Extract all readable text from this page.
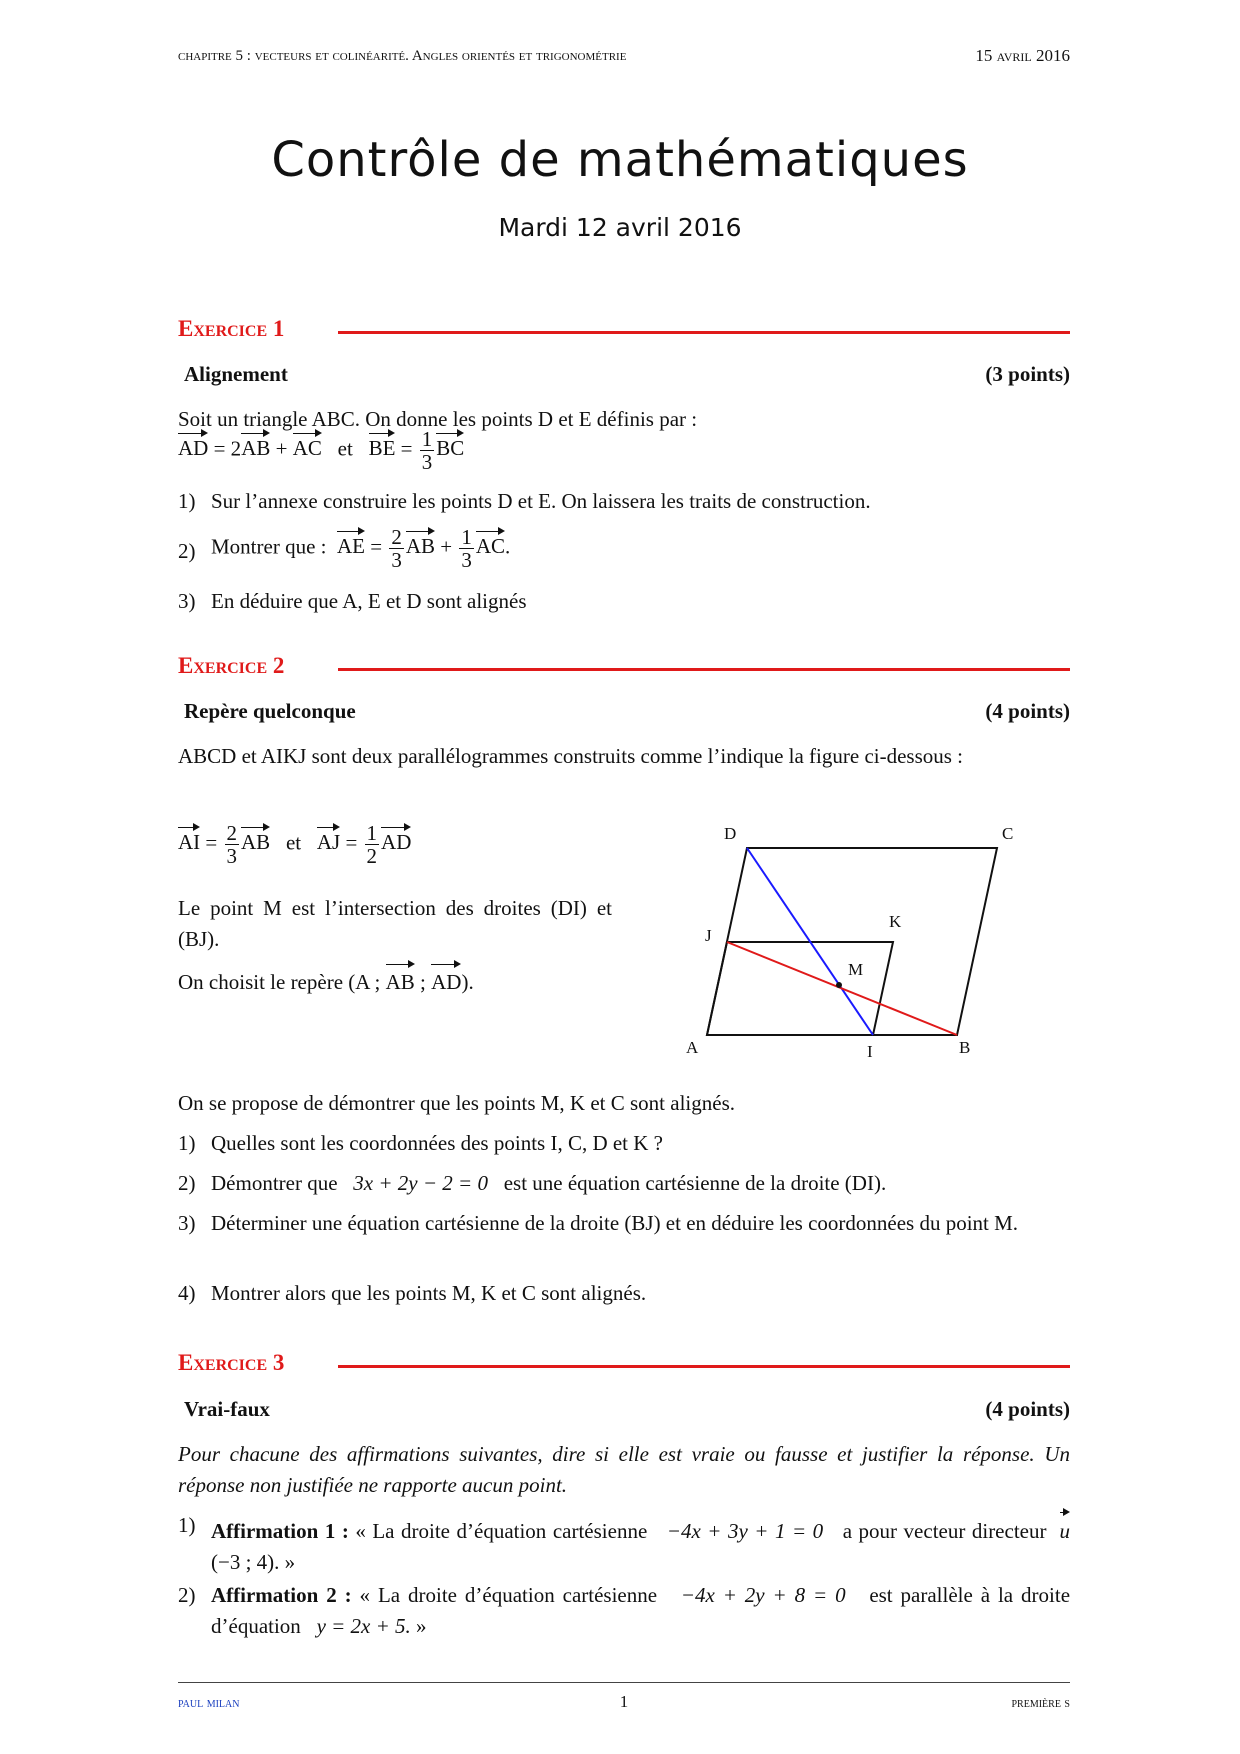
chapitre 5 : vecteurs et colinéarité. Angles orientés et trigonométrie	15 avril 2016
Contrôle de mathématiques
Mardi 12 avril 2016
Exercice 1
Alignement	(3 points)
Soit un triangle ABC. On donne les points D et E définis par :
AD = 2AB + AC et BE = $\frac{1}{3}$ BC
1) Sur l’annexe construire les points D et E. On laissera les traits de construction.
2) Montrer que : AE = $\frac{2}{3}$ AB + $\frac{1}{3}$ AC.
3) En déduire que A, E et D sont alignés
Exercice 2
Repère quelconque	(4 points)
ABCD et AIKJ sont deux parallélogrammes construits comme l’indique la figure ci-dessous :
AI = $\frac{2}{3}$ AB et AJ = $\frac{1}{2}$ AD
Le point M est l’intersection des droites (DI) et (BJ).
On choisit le repère (A ; AB ; AD).
A	B
C
D
I
J
K
M
On se propose de démontrer que les points M, K et C sont alignés.
1) Quelles sont les coordonnées des points I, C, D et K ?
2) Démontrer que 3x + 2y − 2 = 0 est une équation cartésienne de la droite (DI).
3) Déterminer une équation cartésienne de la droite (BJ) et en déduire les coordonnées du point M.
4) Montrer alors que les points M, K et C sont alignés.
Exercice 3
Vrai-faux	(4 points)
Pour chacune des affirmations suivantes, dire si elle est vraie ou fausse et justifier la réponse. Un réponse non justifiée ne rapporte aucun point.
1) Affirmation 1 : « La droite d’équation cartésienne −4x + 3y + 1 = 0 a pour vecteur directeur u (−3 ; 4). »
2) Affirmation 2 : « La droite d’équation cartésienne −4x + 2y + 8 = 0 est parallèle à la droite d’équation y = 2x + 5. »
paul milan	1	première s
